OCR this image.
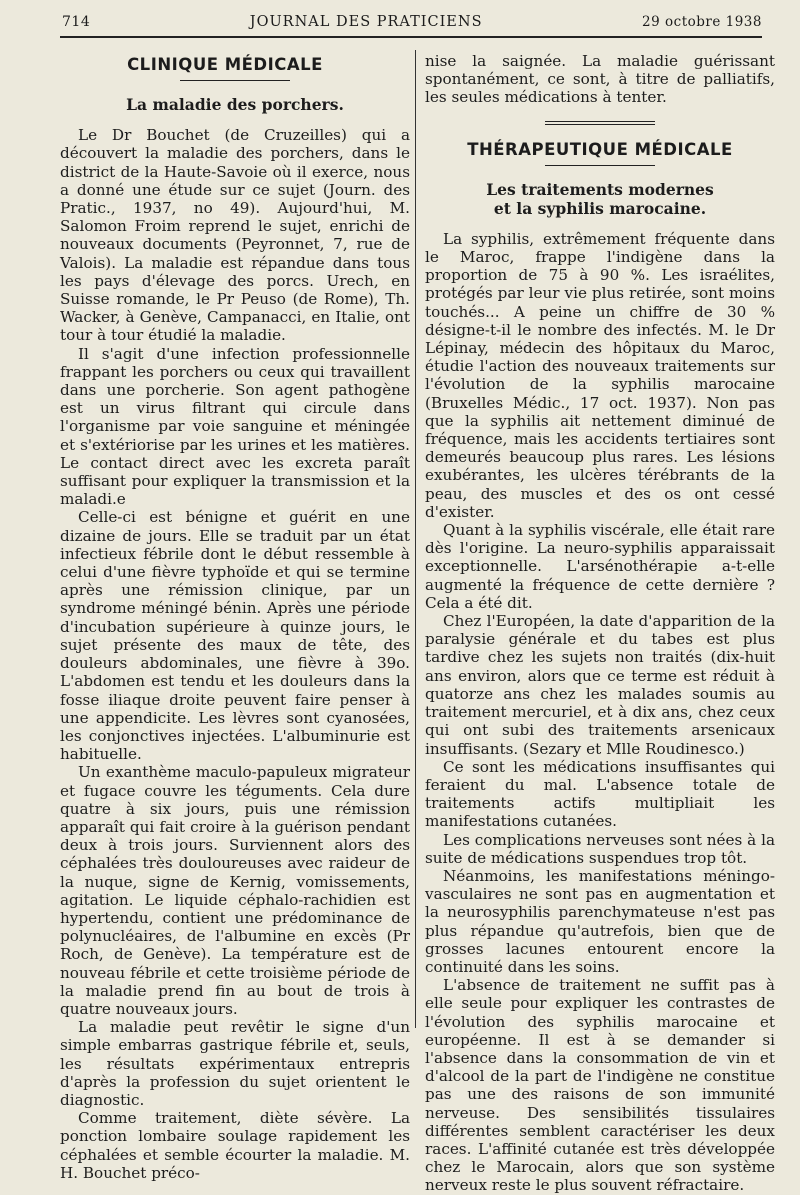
714	JOURNAL DES PRATICIENS	29 octobre 1938
CLINIQUE MÉDICALE
La maladie des porchers.

Le Dr Bouchet (de Cruzeilles) qui a découvert la maladie des porchers, dans le district de la Haute-Savoie où il exerce, nous a donné une étude sur ce sujet (Journ. des Pratic., 1937, no 49). Aujourd'hui, M. Salomon Froim reprend le sujet, enrichi de nouveaux documents (Peyronnet, 7, rue de Valois). La maladie est répandue dans tous les pays d'élevage des porcs. Urech, en Suisse romande, le Pr Peuso (de Rome), Th. Wacker, à Genève, Campanacci, en Italie, ont tour à tour étudié la maladie.

Il s'agit d'une infection professionnelle frappant les porchers ou ceux qui travaillent dans une porcherie. Son agent pathogène est un virus filtrant qui circule dans l'organisme par voie sanguine et méningée et s'extériorise par les urines et les matières. Le contact direct avec les excreta paraît suffisant pour expliquer la transmission et la maladi.e

Celle-ci est bénigne et guérit en une dizaine de jours. Elle se traduit par un état infectieux fébrile dont le début ressemble à celui d'une fièvre typhoïde et qui se termine après une rémission clinique, par un syndrome méningé bénin. Après une période d'incubation supérieure à quinze jours, le sujet présente des maux de tête, des douleurs abdominales, une fièvre à 39o. L'abdomen est tendu et les douleurs dans la fosse iliaque droite peuvent faire penser à une appendicite. Les lèvres sont cyanosées, les conjonctives injectées. L'albuminurie est habituelle.

Un exanthème maculo-papuleux migrateur et fugace couvre les téguments. Cela dure quatre à six jours, puis une rémission apparaît qui fait croire à la guérison pendant deux à trois jours. Surviennent alors des céphalées très douloureuses avec raideur de la nuque, signe de Kernig, vomissements, agitation. Le liquide céphalo-rachidien est hypertendu, contient une prédominance de polynucléaires, de l'albumine en excès (Pr Roch, de Genève). La température est de nouveau fébrile et cette troisième période de la maladie prend fin au bout de trois à quatre nouveaux jours.

La maladie peut revêtir le signe d'un simple embarras gastrique fébrile et, seuls, les résultats expérimentaux entrepris d'après la profession du sujet orientent le diagnostic.

Comme traitement, diète sévère. La ponction lombaire soulage rapidement les céphalées et semble écourter la maladie. M. H. Bouchet préco-

nise la saignée. La maladie guérissant spontanément, ce sont, à titre de palliatifs, les seules médications à tenter.

THÉRAPEUTIQUE MÉDICALE
Les traitements modernes
et la syphilis marocaine.

La syphilis, extrêmement fréquente dans le Maroc, frappe l'indigène dans la proportion de 75 à 90 %. Les israélites, protégés par leur vie plus retirée, sont moins touchés... A peine un chiffre de 30 % désigne-t-il le nombre des infectés. M. le Dr Lépinay, médecin des hôpitaux du Maroc, étudie l'action des nouveaux traitements sur l'évolution de la syphilis marocaine (Bruxelles Médic., 17 oct. 1937). Non pas que la syphilis ait nettement diminué de fréquence, mais les accidents tertiaires sont demeurés beaucoup plus rares. Les lésions exubérantes, les ulcères térébrants de la peau, des muscles et des os ont cessé d'exister.

Quant à la syphilis viscérale, elle était rare dès l'origine. La neuro-syphilis apparaissait exceptionnelle. L'arsénothérapie a-t-elle augmenté la fréquence de cette dernière ? Cela a été dit.

Chez l'Européen, la date d'apparition de la paralysie générale et du tabes est plus tardive chez les sujets non traités (dix-huit ans environ, alors que ce terme est réduit à quatorze ans chez les malades soumis au traitement mercuriel, et à dix ans, chez ceux qui ont subi des traitements arsenicaux insuffisants. (Sezary et Mlle Roudinesco.)

Ce sont les médications insuffisantes qui feraient du mal. L'absence totale de traitements actifs multipliait les manifestations cutanées.

Les complications nerveuses sont nées à la suite de médications suspendues trop tôt.

Néanmoins, les manifestations méningo-vasculaires ne sont pas en augmentation et la neurosyphilis parenchymateuse n'est pas plus répandue qu'autrefois, bien que de grosses lacunes entourent encore la continuité dans les soins.

L'absence de traitement ne suffit pas à elle seule pour expliquer les contrastes de l'évolution des syphilis marocaine et européenne. Il est à se demander si l'absence dans la consommation de vin et d'alcool de la part de l'indigène ne constitue pas une des raisons de son immunité nerveuse. Des sensibilités tissulaires différentes semblent caractériser les deux races. L'affinité cutanée est très développée chez le Marocain, alors que son système nerveux reste le plus souvent réfractaire.
